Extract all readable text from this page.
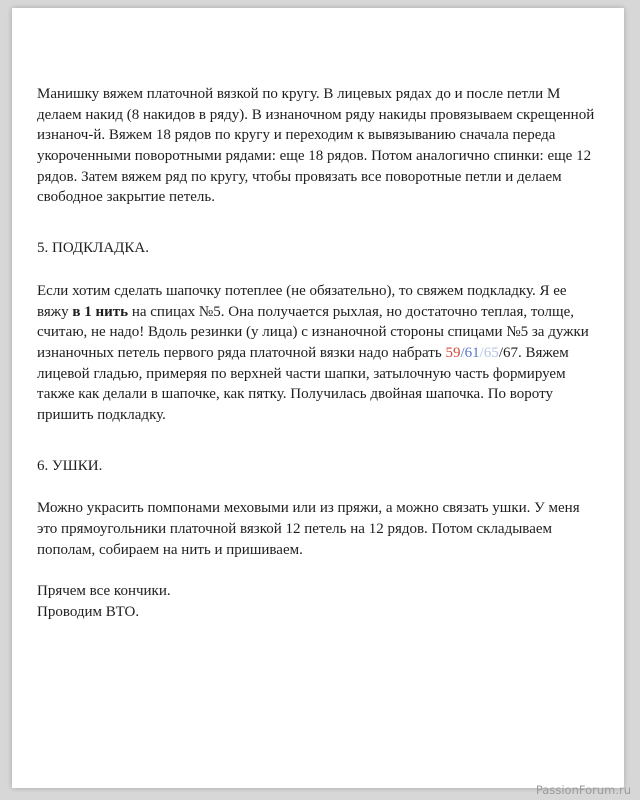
Манишку вяжем платочной вязкой по кругу. В лицевых рядах до и после петли М делаем накид (8 накидов в ряду). В изнаночном ряду накиды провязываем скрещенной изнаноч-й. Вяжем 18 рядов по кругу и переходим к вывязыванию сначала переда укороченными поворотными рядами: еще 18 рядов. Потом аналогично спинки: еще 12 рядов. Затем вяжем ряд по кругу, чтобы провязать все поворотные петли и делаем свободное закрытие петель.

5. ПОДКЛАДКА.

Если хотим сделать шапочку потеплее (не обязательно), то свяжем подкладку. Я ее вяжу в 1 нить на спицах №5. Она получается рыхлая, но достаточно теплая, толще, считаю, не надо! Вдоль резинки (у лица) с изнаночной стороны спицами №5 за дужки изнаночных петель первого ряда платочной вязки надо набрать 59/61/65/67. Вяжем лицевой гладью, примеряя по верхней части шапки, затылочную часть формируем также как делали в шапочке, как пятку. Получилась двойная шапочка. По вороту пришить подкладку.

6. УШКИ.

Можно украсить помпонами меховыми или из пряжи, а можно связать ушки. У меня это прямоугольники платочной вязкой 12 петель на 12 рядов. Потом складываем пополам, собираем на нить и пришиваем.

Прячем все кончики.

Проводим ВТО.

PassionForum.ru
